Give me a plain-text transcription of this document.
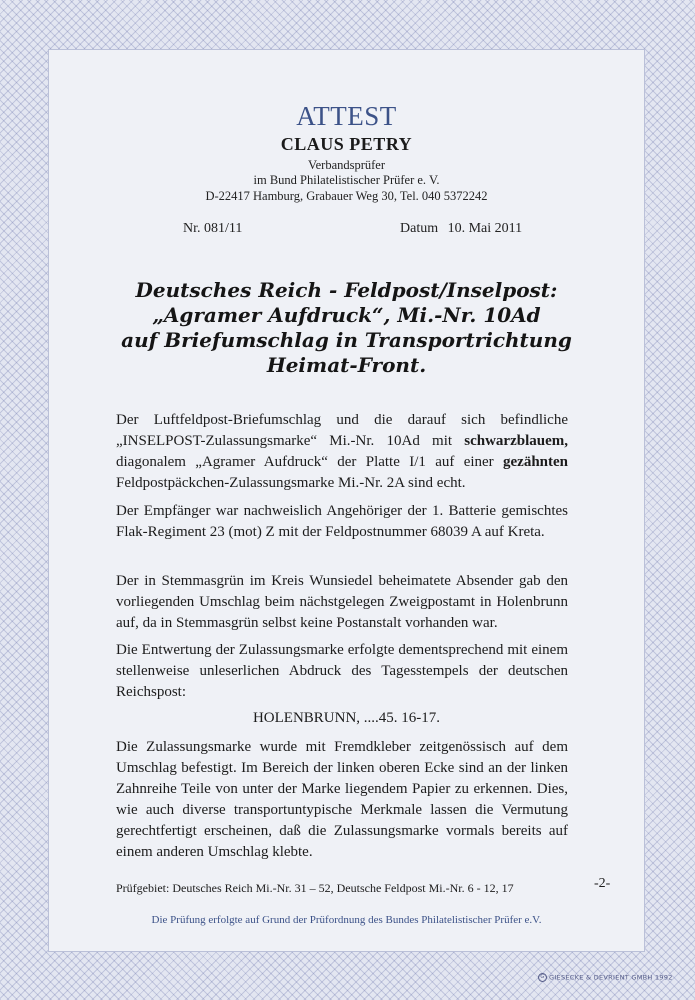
ATTEST

CLAUS PETRY

Verbandsprüfer

im Bund Philatelistischer Prüfer e. V.

D-22417 Hamburg, Grabauer Weg 30, Tel. 040 5372242

Nr. 081/11	Datum 10. Mai 2011

Deutsches Reich - Feldpost/Inselpost:

„Agramer Aufdruck“, Mi.-Nr. 10Ad

auf Briefumschlag in Transportrichtung

Heimat-Front.

Der Luftfeldpost-Briefumschlag und die darauf sich befindliche „INSELPOST-Zulassungsmarke“ Mi.-Nr. 10Ad mit schwarzblauem, diagonalem „Agramer Aufdruck“ der Platte I/1 auf einer gezähnten Feldpostpäckchen-Zulassungsmarke Mi.-Nr. 2A sind echt.

Der Empfänger war nachweislich Angehöriger der 1. Batterie gemischtes Flak-Regiment 23 (mot) Z mit der Feldpostnummer 68039 A auf Kreta.

Der in Stemmasgrün im Kreis Wunsiedel beheimatete Absender gab den vorliegenden Umschlag beim nächstgelegen Zweigpostamt in Holenbrunn auf, da in Stemmasgrün selbst keine Postanstalt vorhanden war.

Die Entwertung der Zulassungsmarke erfolgte dementsprechend mit einem stellenweise unleserlichen Abdruck des Tagesstempels der deutschen Reichspost:

HOLENBRUNN, ....45. 16-17.

Die Zulassungsmarke wurde mit Fremdkleber zeitgenössisch auf dem Umschlag befestigt. Im Bereich der linken oberen Ecke sind an der linken Zahnreihe Teile von unter der Marke liegendem Papier zu erkennen. Dies, wie auch diverse transportuntypische Merkmale lassen die Vermutung gerechtfertigt erscheinen, daß die Zulassungsmarke vormals bereits auf einem anderen Umschlag klebte.

Prüfgebiet: Deutsches Reich Mi.-Nr. 31 – 52, Deutsche Feldpost Mi.-Nr. 6 - 12, 17	-2-

Die Prüfung erfolgte auf Grund der Prüfordnung des Bundes Philatelistischer Prüfer e.V.

G GIESECKE & DEVRIENT GMBH 1992
